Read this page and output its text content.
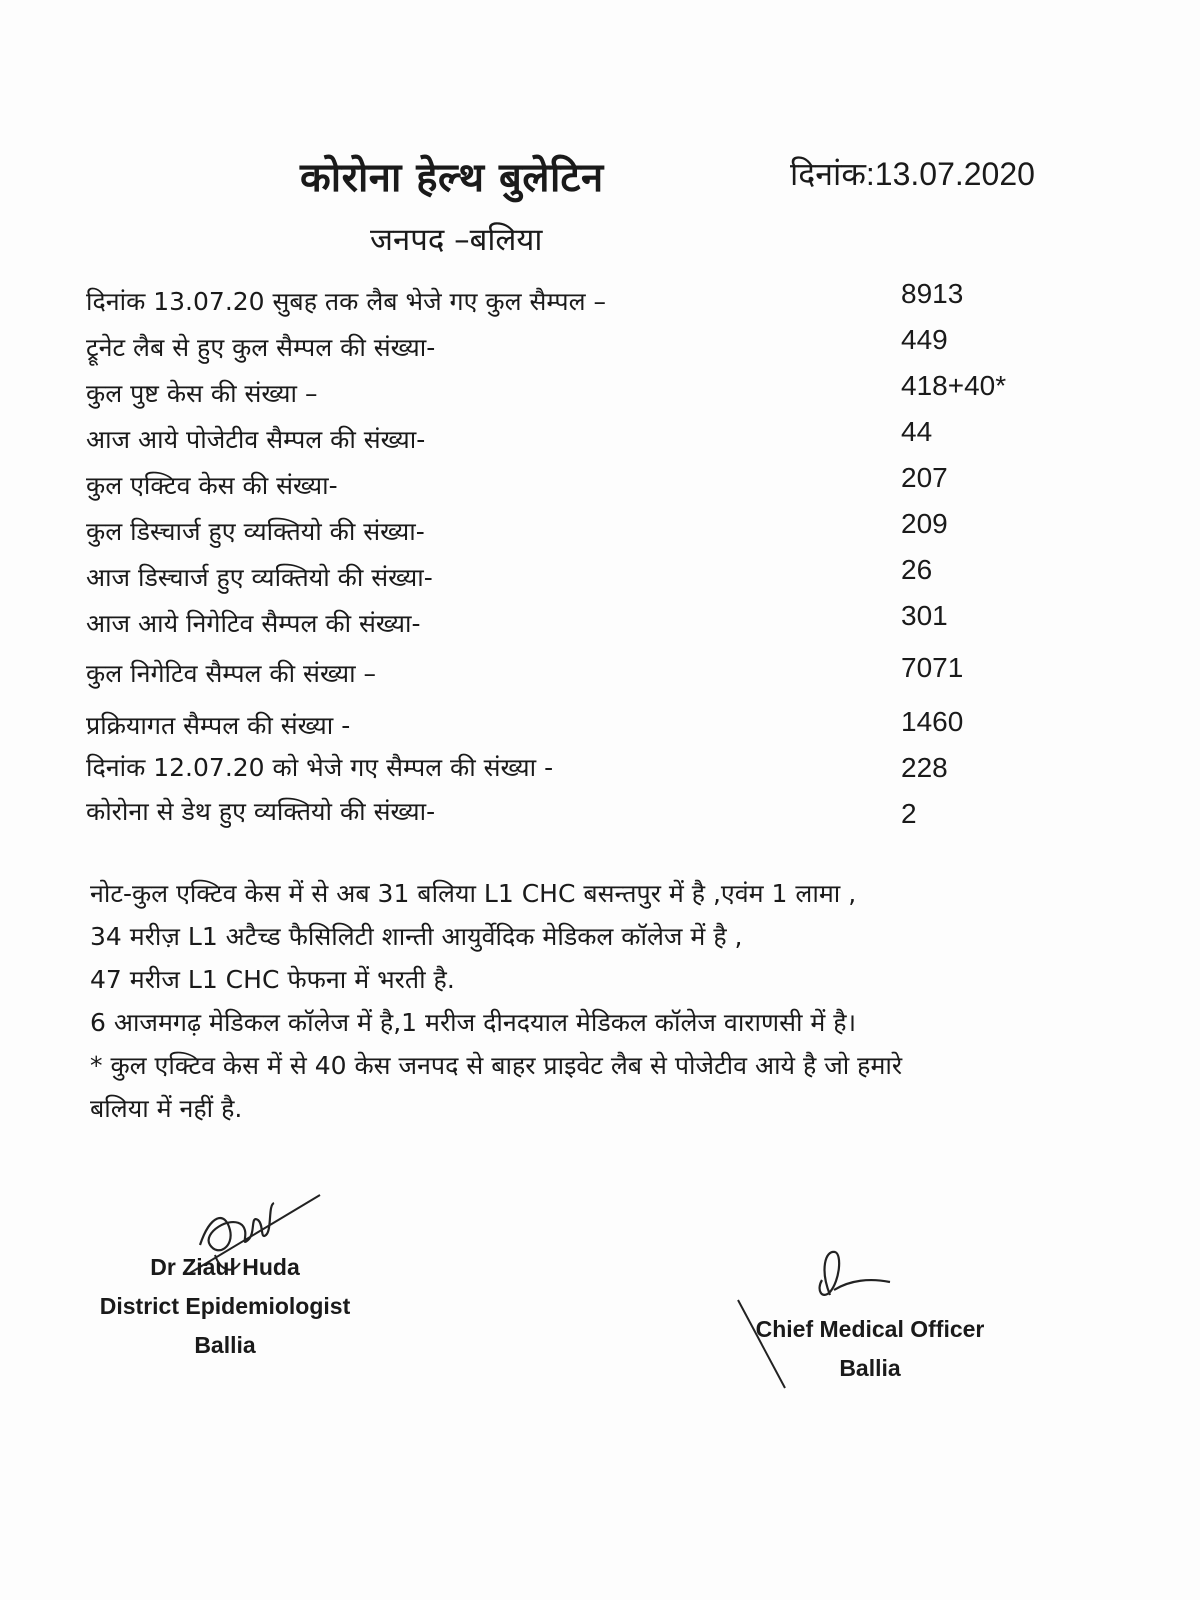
कोरोना हेल्थ बुलेटिन	दिनांक:13.07.2020
जनपद –बलिया
दिनांक 13.07.20 सुबह तक लैब भेजे गए कुल सैम्पल –	8913
ट्रूनेट लैब से हुए कुल सैम्पल की संख्या-	449
कुल पुष्ट केस की संख्या –	418+40*
आज आये पोजेटीव सैम्पल की संख्या-	44
कुल एक्टिव केस की संख्या-	207
कुल डिस्चार्ज हुए व्यक्तियो की संख्या-	209
आज डिस्चार्ज हुए व्यक्तियो की संख्या-	26
आज आये निगेटिव सैम्पल की संख्या-	301
कुल निगेटिव सैम्पल की संख्या –	7071
प्रक्रियागत सैम्पल की संख्या -	1460
दिनांक 12.07.20 को भेजे गए सैम्पल की संख्या -	228
कोरोना से डेथ हुए व्यक्तियो की संख्या-	2
नोट-कुल एक्टिव केस में से अब 31 बलिया L1 CHC बसन्तपुर में है ,एवंम 1 लामा ,
34 मरीज़ L1 अटैच्ड फैसिलिटी शान्ती आयुर्वेदिक मेडिकल कॉलेज में है ,
47 मरीज L1 CHC फेफना में भरती है.
6 आजमगढ़ मेडिकल कॉलेज में है,1 मरीज दीनदयाल मेडिकल कॉलेज वाराणसी में है।
* कुल एक्टिव केस में से 40 केस जनपद से बाहर प्राइवेट लैब से पोजेटीव आये है जो हमारे
बलिया में नहीं है.
Dr Ziaul Huda
District Epidemiologist
Ballia
Chief Medical Officer
Ballia
